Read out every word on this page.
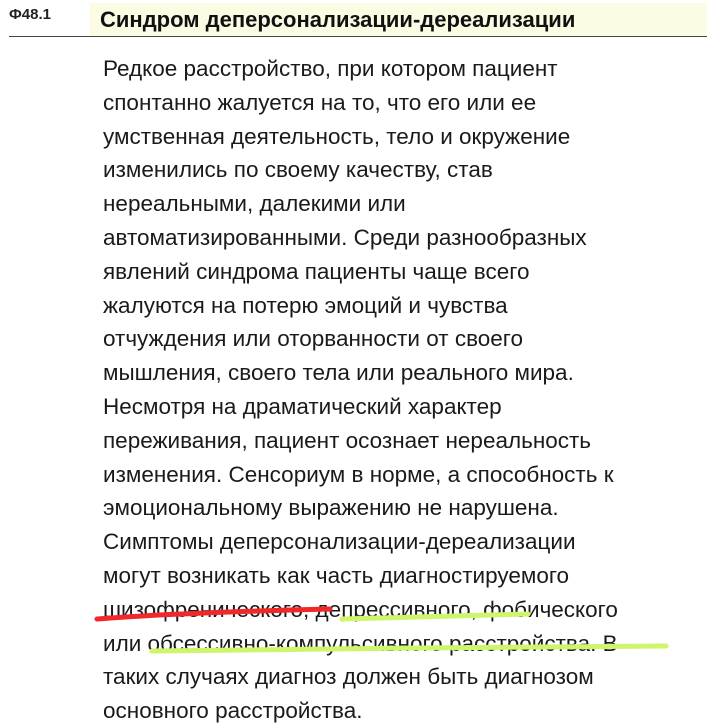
Ф48.1 Синдром деперсонализации-дереализации
Редкое расстройство, при котором пациент
спонтанно жалуется на то, что его или ее
умственная деятельность, тело и окружение
изменились по своему качеству, став
нереальными, далекими или
автоматизированными. Среди разнообразных
явлений синдрома пациенты чаще всего
жалуются на потерю эмоций и чувства
отчуждения или оторванности от своего
мышления, своего тела или реального мира.
Несмотря на драматический характер
переживания, пациент осознает нереальность
изменения. Сенсориум в норме, а способность к
эмоциональному выражению не нарушена.
Симптомы деперсонализации-дереализации
могут возникать как часть диагностируемого
шизофренического, депрессивного, фобического
или обсессивно-компульсивного расстройства. В
таких случаях диагноз должен быть диагнозом
основного расстройства.
